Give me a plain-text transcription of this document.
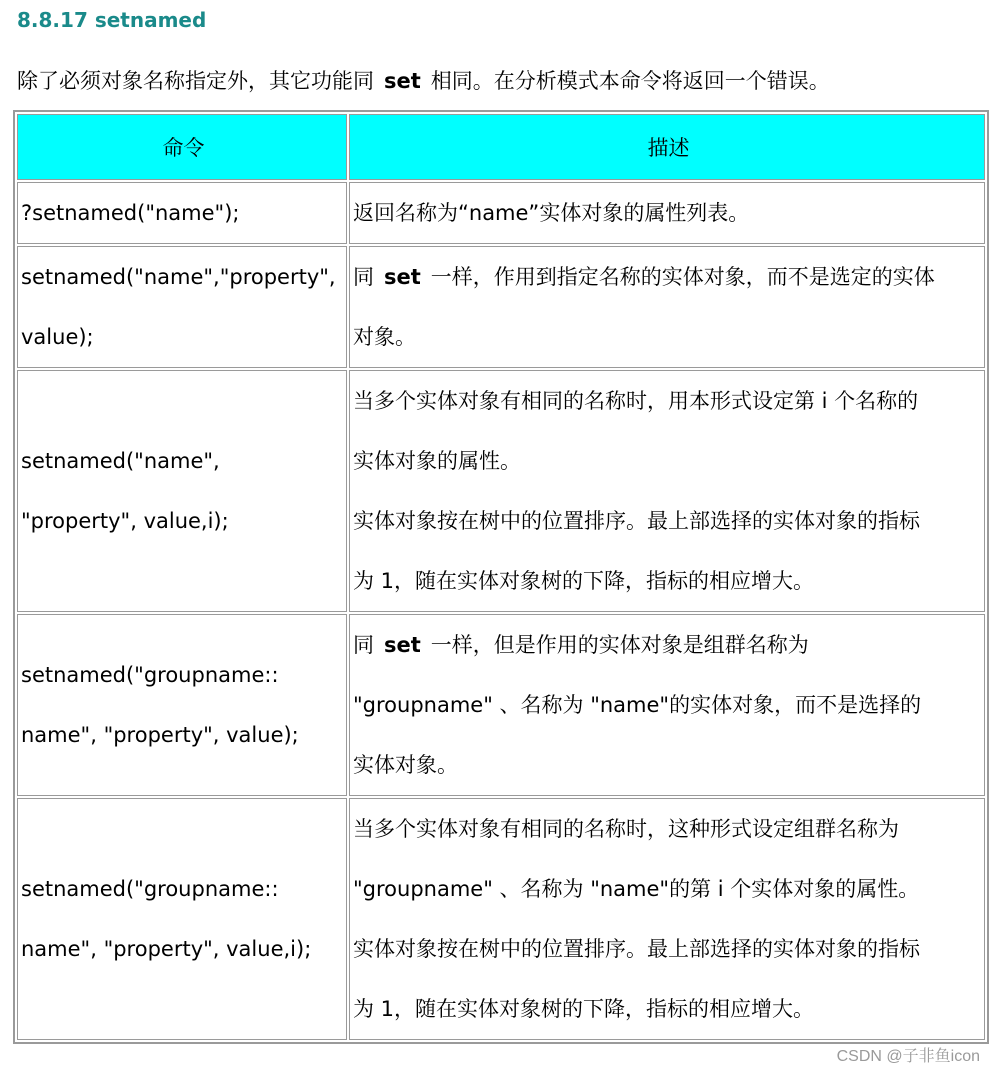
8.8.17 setnamed

除了必须对象名称指定外，其它功能同 set 相同。在分析模式本命令将返回一个错误。

命令	描述

?setnamed("name");	返回名称为“name”实体对象的属性列表。

setnamed("name","property",
value);	同 set 一样，作用到指定名称的实体对象，而不是选定的实体
对象。

setnamed("name",
"property", value,i);	当多个实体对象有相同的名称时，用本形式设定第 i 个名称的
实体对象的属性。
实体对象按在树中的位置排序。最上部选择的实体对象的指标
为 1，随在实体对象树的下降，指标的相应增大。

setnamed("groupname::
name", "property", value);	同 set 一样，但是作用的实体对象是组群名称为
"groupname" 、名称为 "name"的实体对象，而不是选择的
实体对象。

setnamed("groupname::
name", "property", value,i);	当多个实体对象有相同的名称时，这种形式设定组群名称为
"groupname" 、名称为 "name"的第 i 个实体对象的属性。
实体对象按在树中的位置排序。最上部选择的实体对象的指标
为 1，随在实体对象树的下降，指标的相应增大。
CSDN @子非鱼icon
